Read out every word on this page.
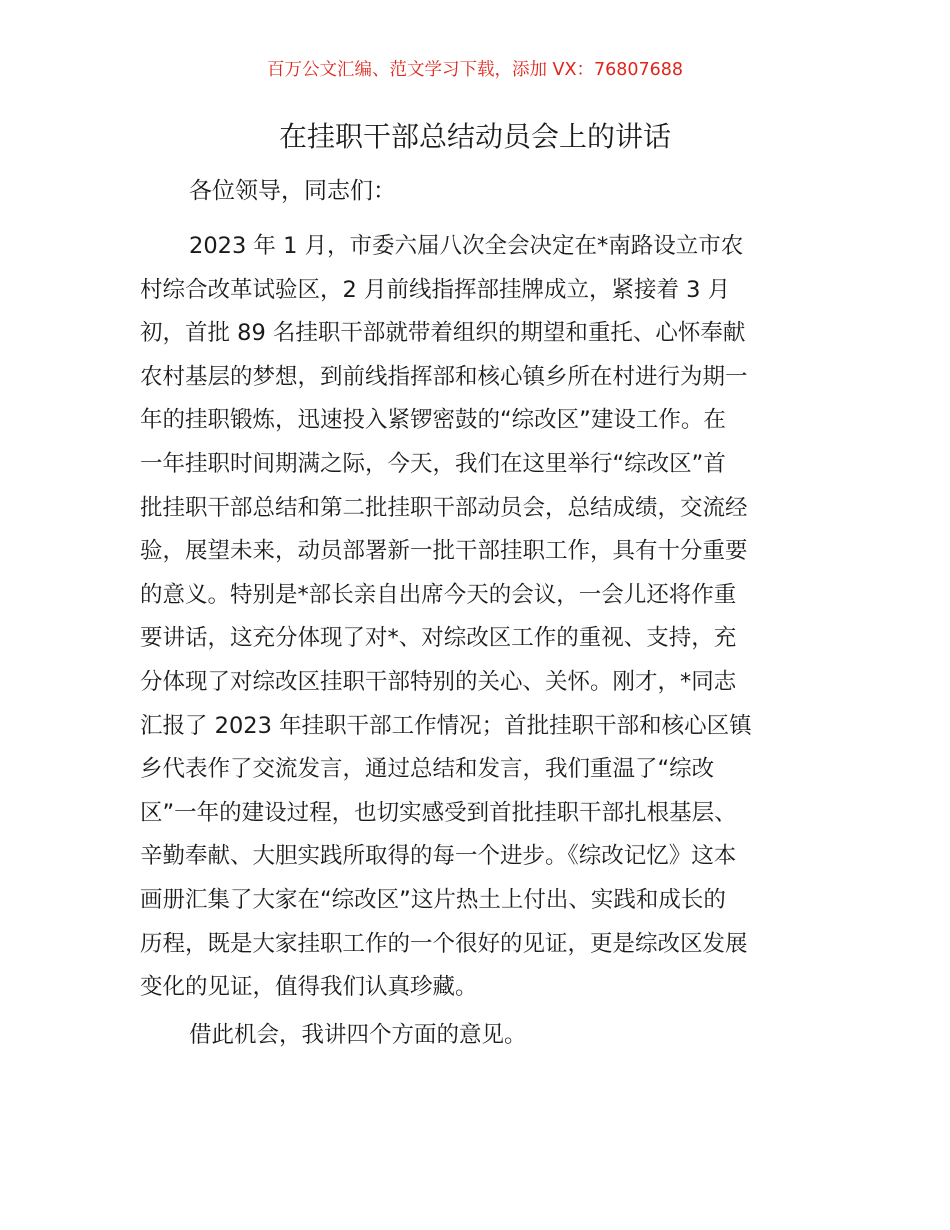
百万公文汇编、范文学习下载，添加 VX：76807688
在挂职干部总结动员会上的讲话
各位领导，同志们：
2023 年 1 月，市委六届八次全会决定在*南路设立市农
村综合改革试验区，2 月前线指挥部挂牌成立，紧接着 3 月
初，首批 89 名挂职干部就带着组织的期望和重托、心怀奉献
农村基层的梦想，到前线指挥部和核心镇乡所在村进行为期一
年的挂职锻炼，迅速投入紧锣密鼓的“综改区”建设工作。在
一年挂职时间期满之际，今天，我们在这里举行“综改区”首
批挂职干部总结和第二批挂职干部动员会，总结成绩，交流经
验，展望未来，动员部署新一批干部挂职工作，具有十分重要
的意义。特别是*部长亲自出席今天的会议，一会儿还将作重
要讲话，这充分体现了对*、对综改区工作的重视、支持，充
分体现了对综改区挂职干部特别的关心、关怀。刚才，*同志
汇报了 2023 年挂职干部工作情况；首批挂职干部和核心区镇
乡代表作了交流发言，通过总结和发言，我们重温了“综改
区”一年的建设过程，也切实感受到首批挂职干部扎根基层、
辛勤奉献、大胆实践所取得的每一个进步。《综改记忆》这本
画册汇集了大家在“综改区”这片热土上付出、实践和成长的
历程，既是大家挂职工作的一个很好的见证，更是综改区发展
变化的见证，值得我们认真珍藏。
借此机会，我讲四个方面的意见。
